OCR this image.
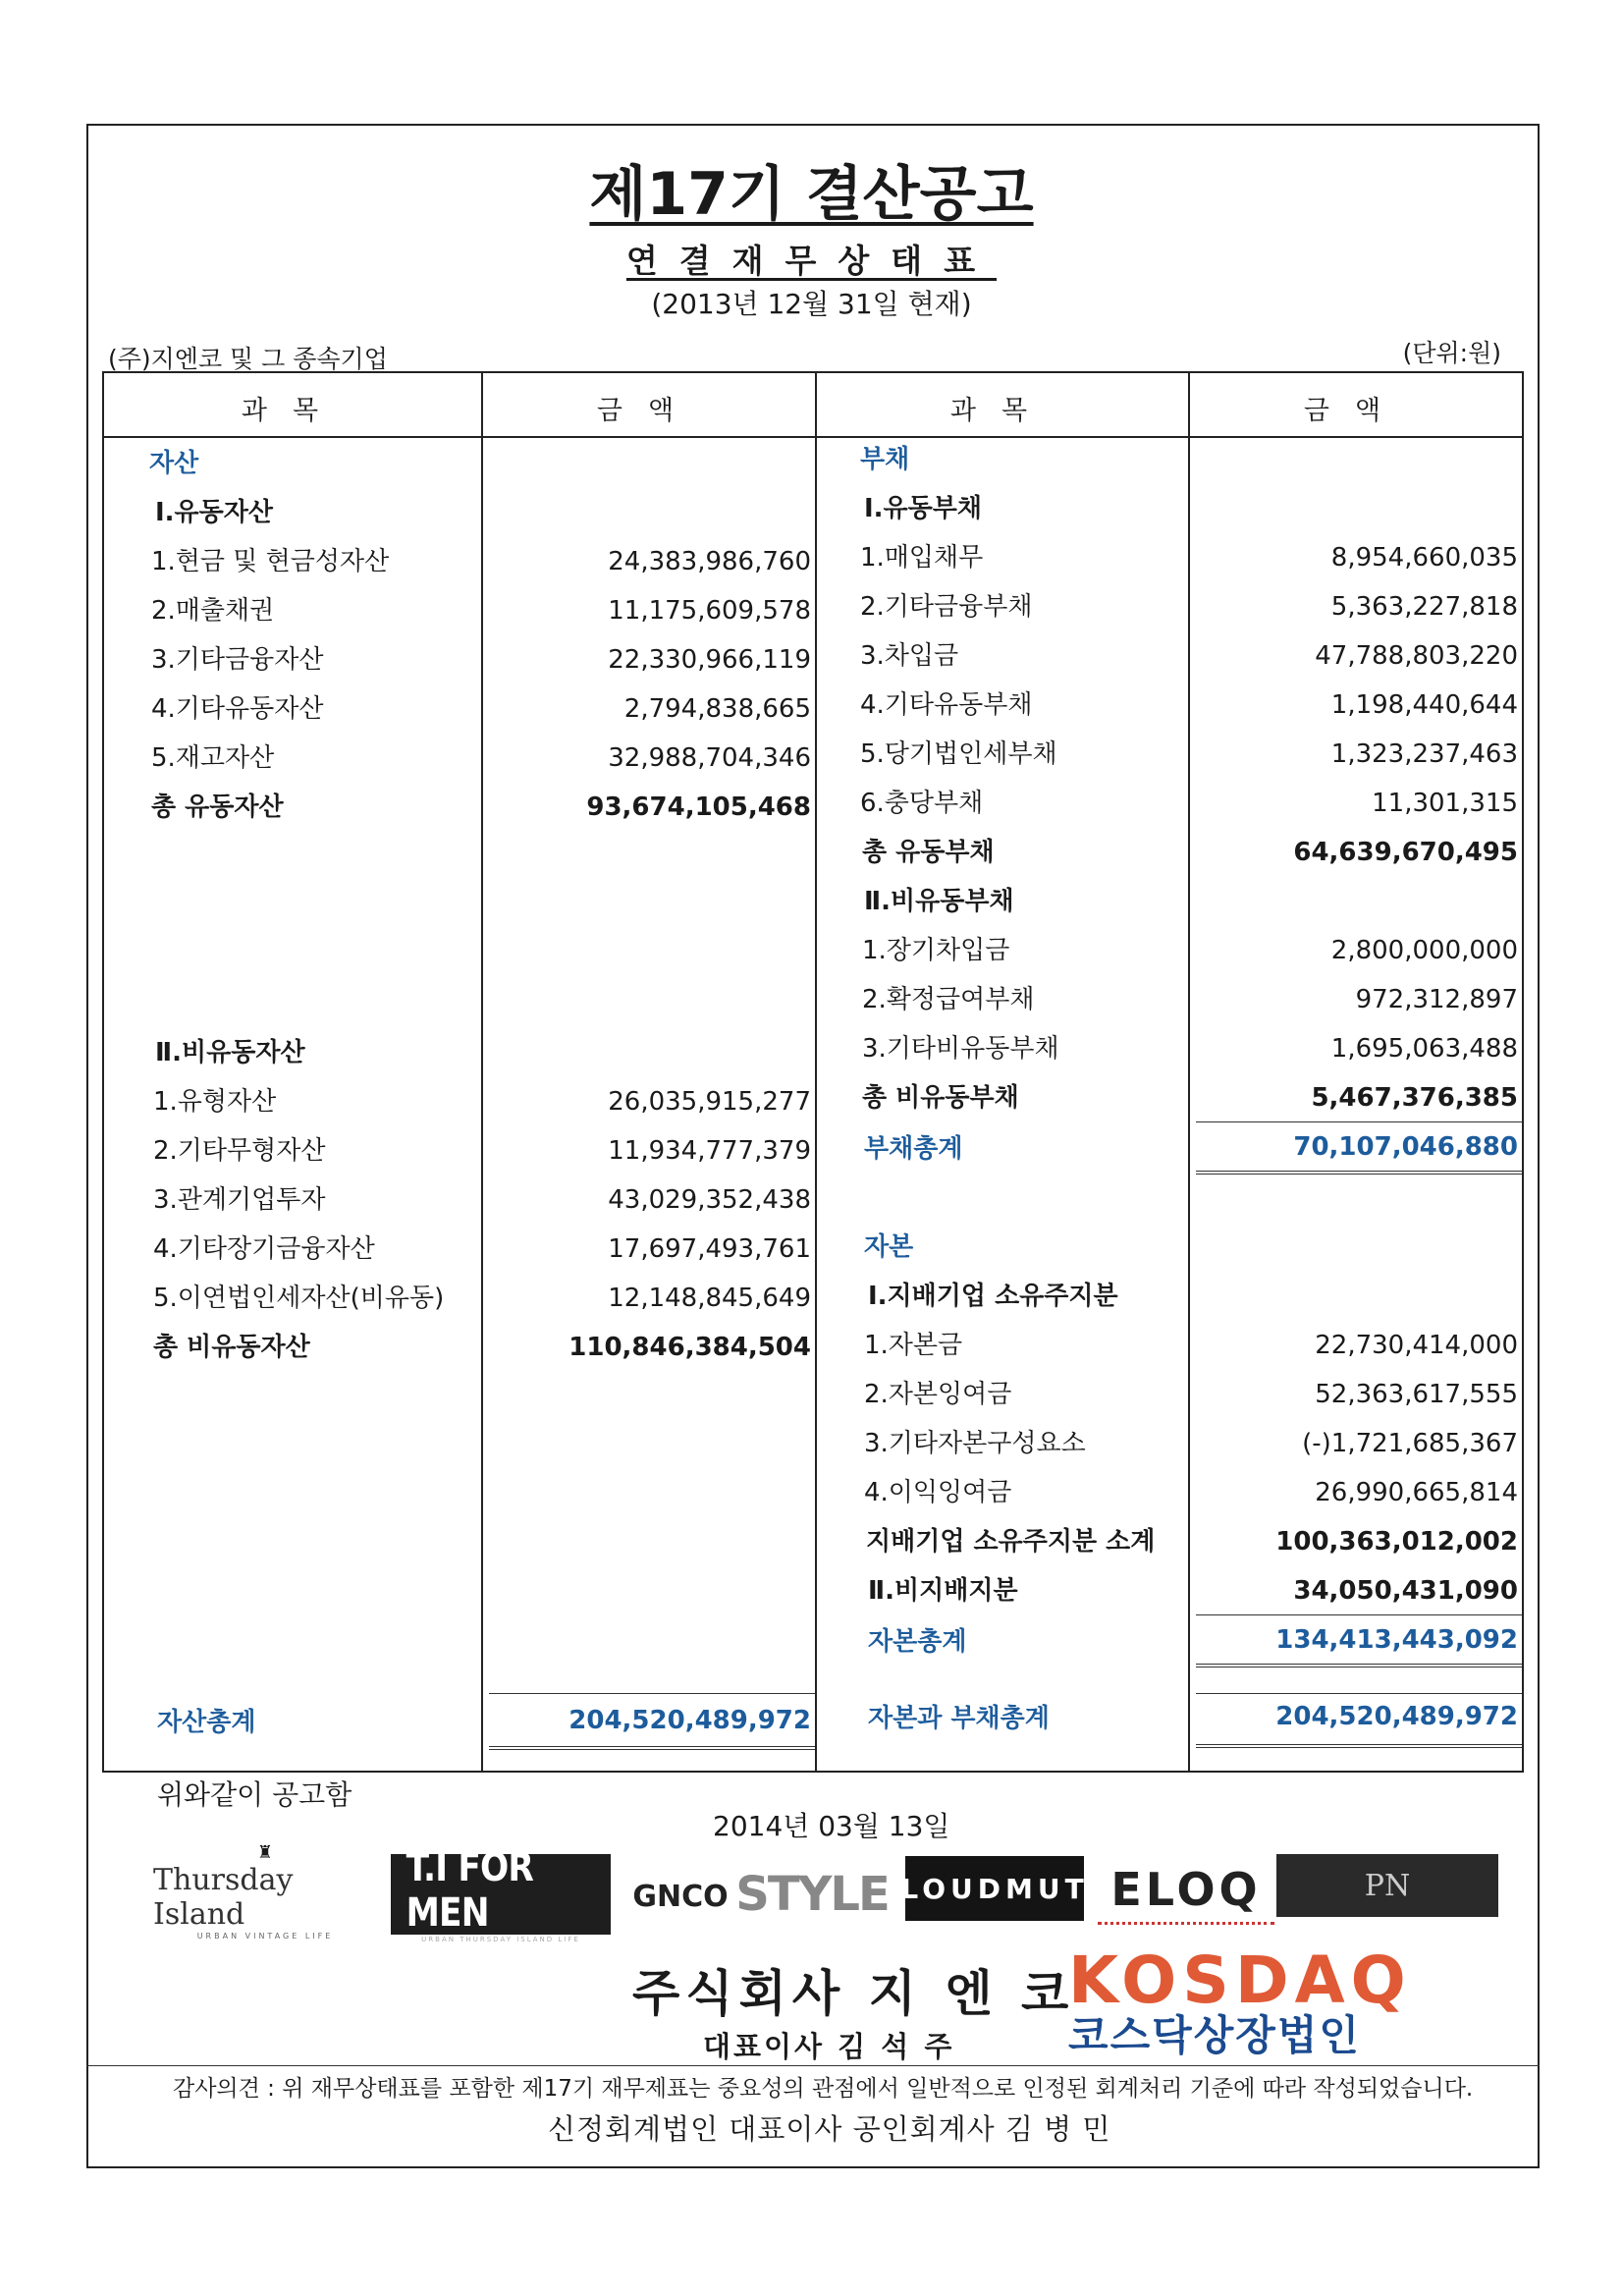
제17기 결산공고
연결재무상태표
(2013년 12월 31일 현재)
(주)지엔코 및 그 종속기업	(단위:원)
과목	금액	과목	금액
자산
Ⅰ.유동자산
1.현금 및 현금성자산	24,383,986,760
2.매출채권	11,175,609,578
3.기타금융자산	22,330,966,119
4.기타유동자산	2,794,838,665
5.재고자산	32,988,704,346
총 유동자산	93,674,105,468
Ⅱ.비유동자산
1.유형자산	26,035,915,277
2.기타무형자산	11,934,777,379
3.관계기업투자	43,029,352,438
4.기타장기금융자산	17,697,493,761
5.이연법인세자산(비유동)	12,148,845,649
총 비유동자산	110,846,384,504
자산총계	204,520,489,972
부채
Ⅰ.유동부채
1.매입채무	8,954,660,035
2.기타금융부채	5,363,227,818
3.차입금	47,788,803,220
4.기타유동부채	1,198,440,644
5.당기법인세부채	1,323,237,463
6.충당부채	11,301,315
총 유동부채	64,639,670,495
Ⅱ.비유동부채
1.장기차입금	2,800,000,000
2.확정급여부채	972,312,897
3.기타비유동부채	1,695,063,488
총 비유동부채	5,467,376,385
부채총계	70,107,046,880
자본
Ⅰ.지배기업 소유주지분
1.자본금	22,730,414,000
2.자본잉여금	52,363,617,555
3.기타자본구성요소	(-)1,721,685,367
4.이익잉여금	26,990,665,814
지배기업 소유주지분 소계	100,363,012,002
Ⅱ.비지배지분	34,050,431,090
자본총계	134,413,443,092
자본과 부채총계	204,520,489,972
위와같이 공고함
2014년 03월 13일
♜
Thursday Island
URBAN VINTAGE LIFE
T.I FOR MEN
URBAN THURSDAY ISLAND LIFE
GNCO STYLE LOUDMUT ELOQ	PN
주식회사 지 엔 코
대표이사 김 석 주
KOSDAQ
코스닥상장법인
감사의견 : 위 재무상태표를 포함한 제17기 재무제표는 중요성의 관점에서 일반적으로 인정된 회계처리 기준에 따라 작성되었습니다.
신정회계법인 대표이사 공인회계사 김 병 민
